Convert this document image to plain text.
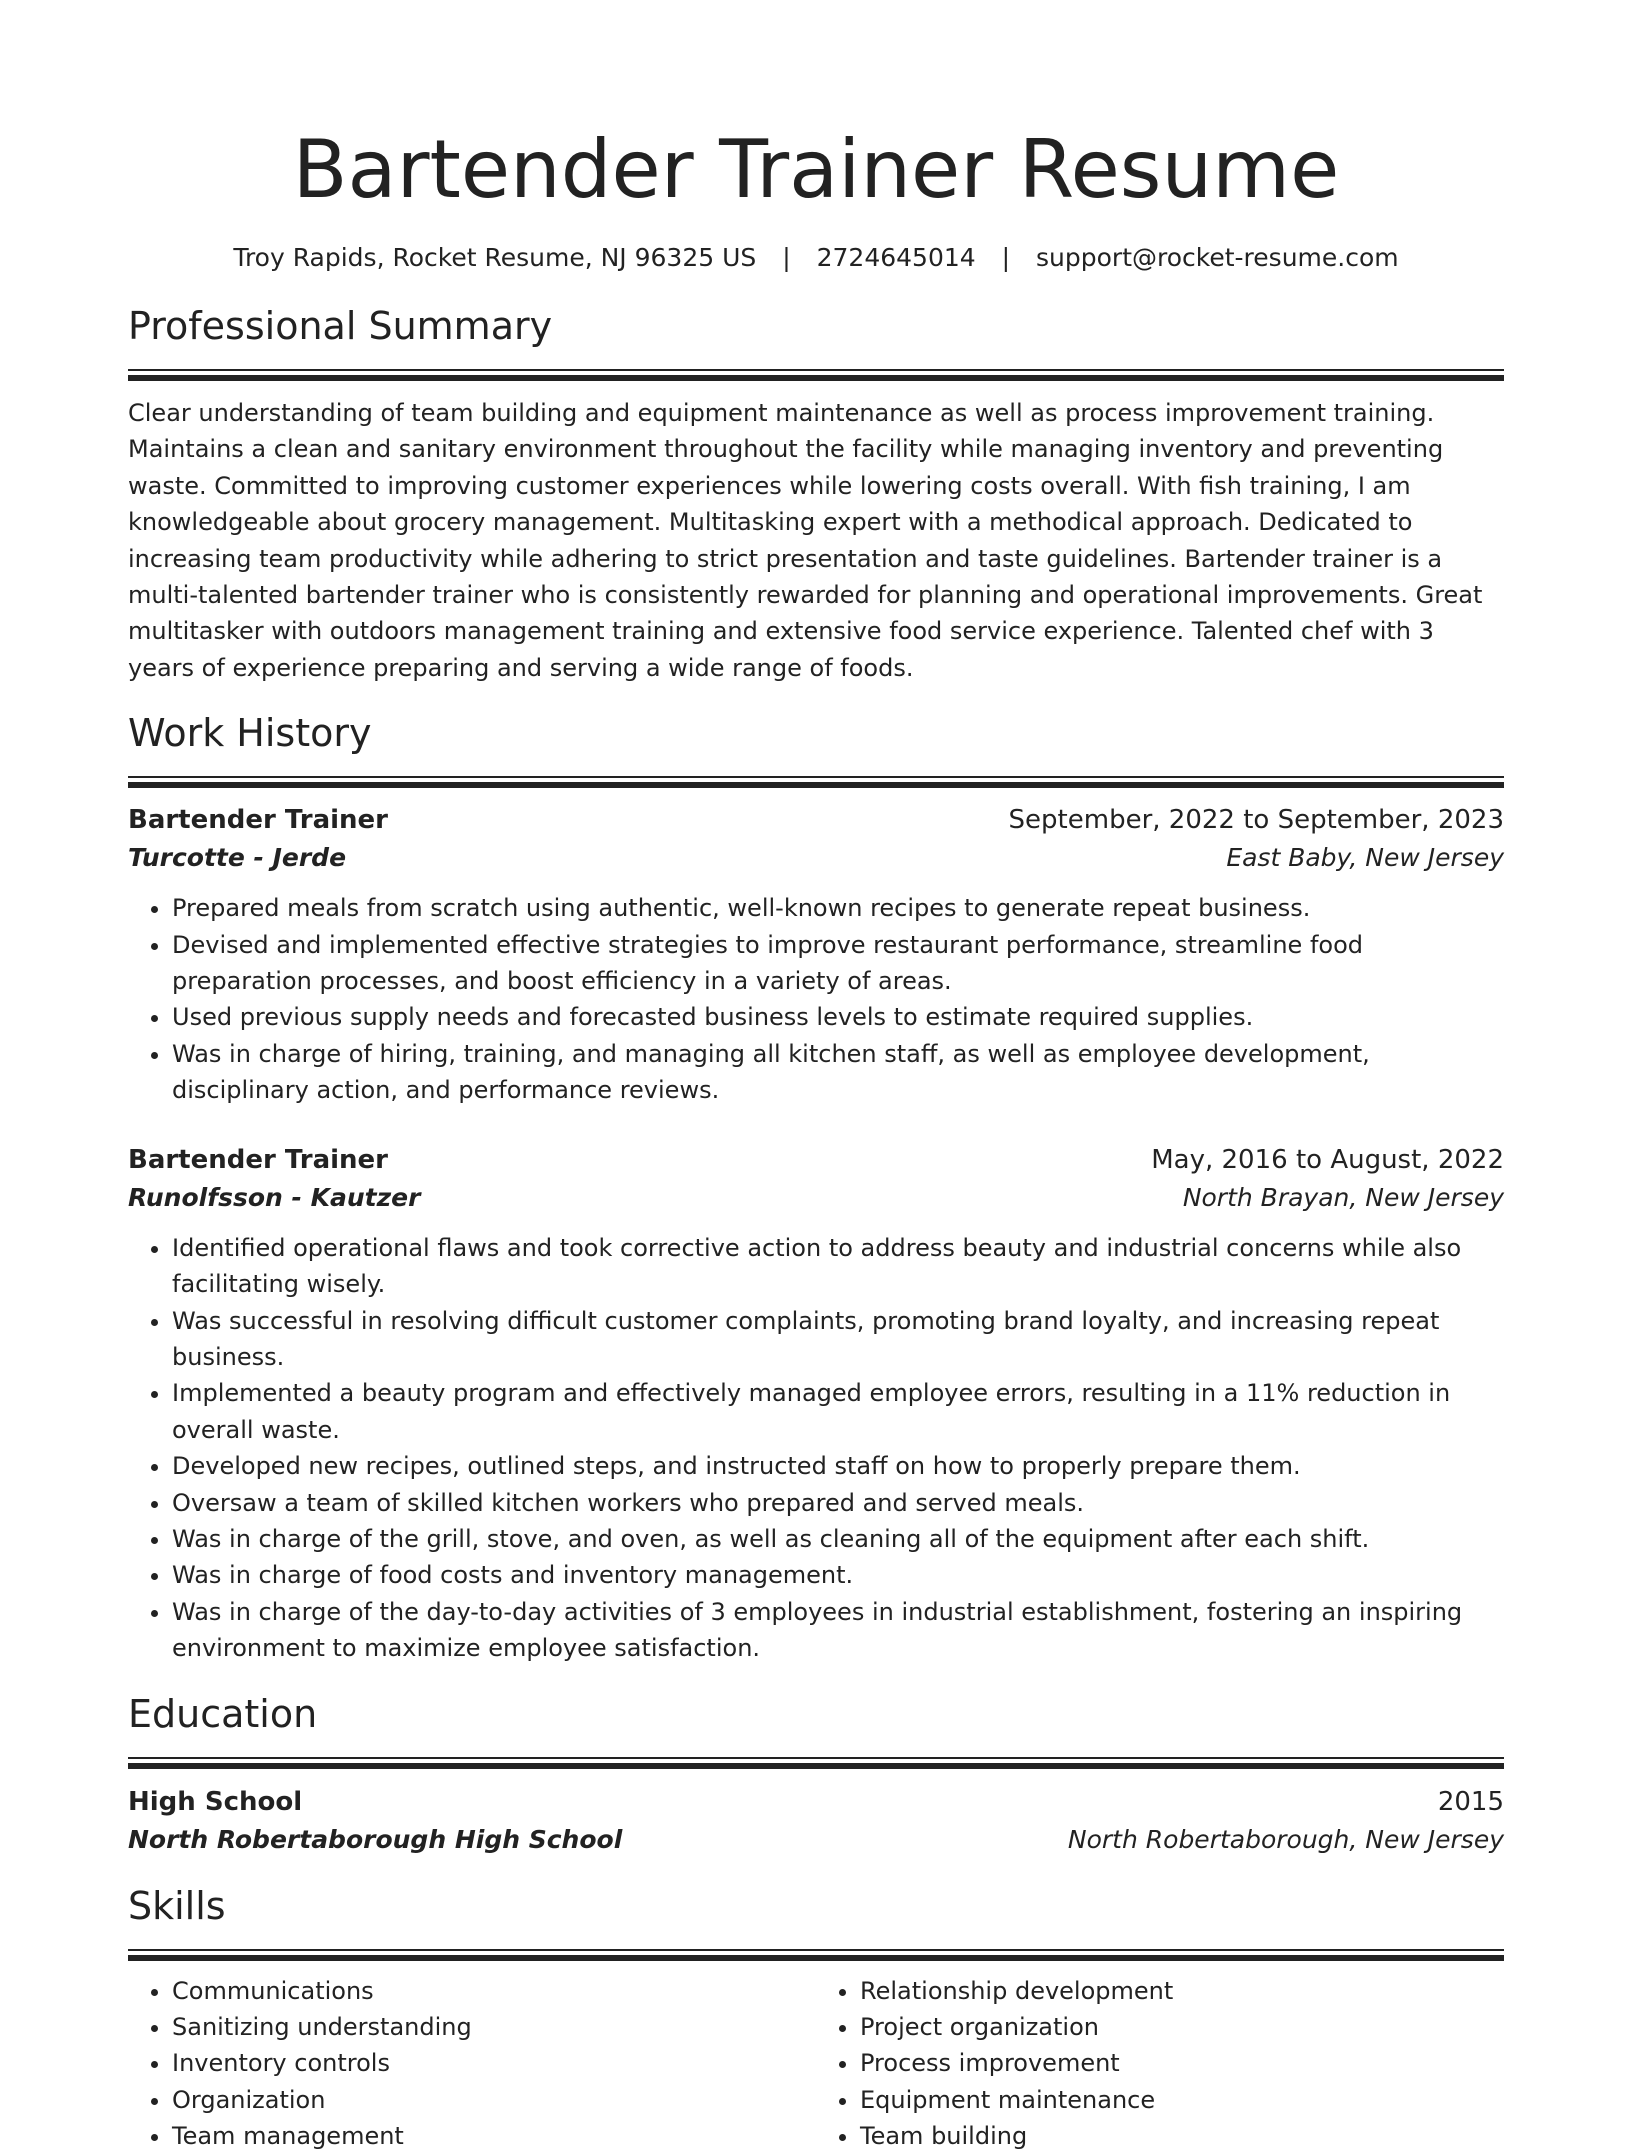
Bartender Trainer Resume
Troy Rapids, Rocket Resume, NJ 96325 US | 2724645014 | support@rocket-resume.com
Professional Summary
Clear understanding of team building and equipment maintenance as well as process improvement training. Maintains a clean and sanitary environment throughout the facility while managing inventory and preventing waste. Committed to improving customer experiences while lowering costs overall. With fish training, I am knowledgeable about grocery management. Multitasking expert with a methodical approach. Dedicated to increasing team productivity while adhering to strict presentation and taste guidelines. Bartender trainer is a multi-talented bartender trainer who is consistently rewarded for planning and operational improvements. Great multitasker with outdoors management training and extensive food service experience. Talented chef with 3 years of experience preparing and serving a wide range of foods.
Work History
Bartender Trainer	September, 2022 to September, 2023
Turcotte - Jerde	East Baby, New Jersey
• Prepared meals from scratch using authentic, well-known recipes to generate repeat business.
• Devised and implemented effective strategies to improve restaurant performance, streamline food preparation processes, and boost efficiency in a variety of areas.
• Used previous supply needs and forecasted business levels to estimate required supplies.
• Was in charge of hiring, training, and managing all kitchen staff, as well as employee development, disciplinary action, and performance reviews.
Bartender Trainer	May, 2016 to August, 2022
Runolfsson - Kautzer	North Brayan, New Jersey
• Identified operational flaws and took corrective action to address beauty and industrial concerns while also facilitating wisely.
• Was successful in resolving difficult customer complaints, promoting brand loyalty, and increasing repeat business.
• Implemented a beauty program and effectively managed employee errors, resulting in a 11% reduction in overall waste.
• Developed new recipes, outlined steps, and instructed staff on how to properly prepare them.
• Oversaw a team of skilled kitchen workers who prepared and served meals.
• Was in charge of the grill, stove, and oven, as well as cleaning all of the equipment after each shift.
• Was in charge of food costs and inventory management.
• Was in charge of the day-to-day activities of 3 employees in industrial establishment, fostering an inspiring environment to maximize employee satisfaction.
Education
High School	2015
North Robertaborough High School	North Robertaborough, New Jersey
Skills
• Communications
• Sanitizing understanding
• Inventory controls
• Organization
• Team management
• Relationship development
• Project organization
• Process improvement
• Equipment maintenance
• Team building
